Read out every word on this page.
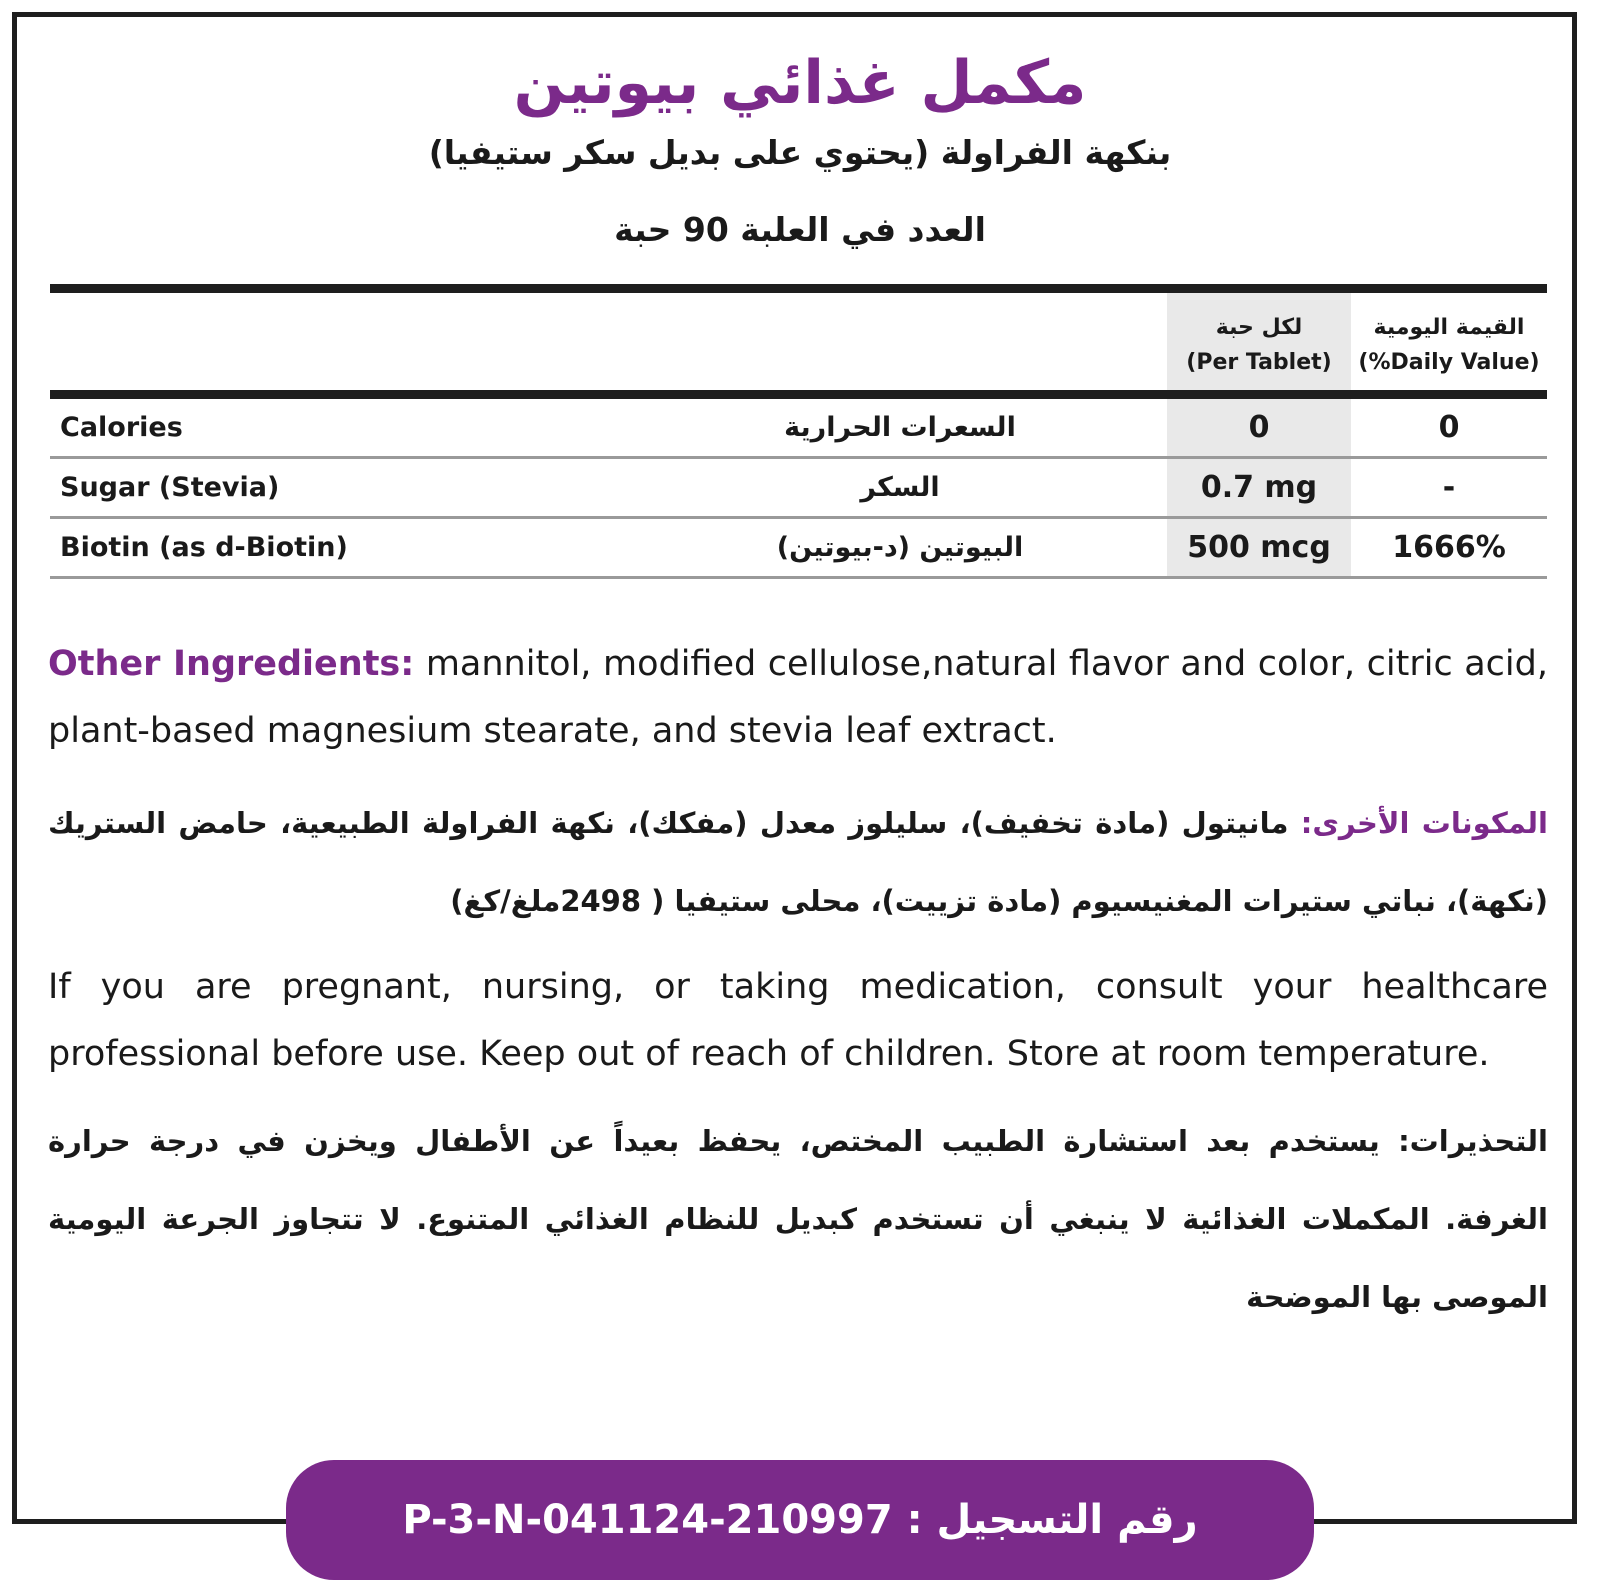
مكمل غذائي بيوتين
بنكهة الفراولة (يحتوي على بديل سكر ستيفيا)
العدد في العلبة 90 حبة
لكل حبة
(Per Tablet)
القيمة اليومية
(%Daily Value)
Calories	السعرات الحرارية	0	0
Sugar (Stevia)	السكر	0.7 mg	-
Biotin (as d-Biotin)	البيوتين (د-بيوتين)	500 mcg	1666%
Other Ingredients: mannitol, modified cellulose,natural flavor and color, citric acid, plant-based magnesium stearate, and stevia leaf extract.
المكونات الأخرى: مانيتول (مادة تخفيف)، سليلوز معدل (مفكك)، نكهة الفراولة الطبيعية، حامض الستريك (نكهة)، نباتي ستيرات المغنيسيوم (مادة تزييت)، محلى ستيفيا ( 2498ملغ/كغ)
If you are pregnant, nursing, or taking medication, consult your healthcare professional before use. Keep out of reach of children. Store at room temperature.
التحذيرات: يستخدم بعد استشارة الطبيب المختص، يحفظ بعيداً عن الأطفال ويخزن في درجة حرارة الغرفة. المكملات الغذائية لا ينبغي أن تستخدم كبديل للنظام الغذائي المتنوع. لا تتجاوز الجرعة اليومية الموصى بها الموضحة
P-3-N-041124-210997 رقم التسجيل :
